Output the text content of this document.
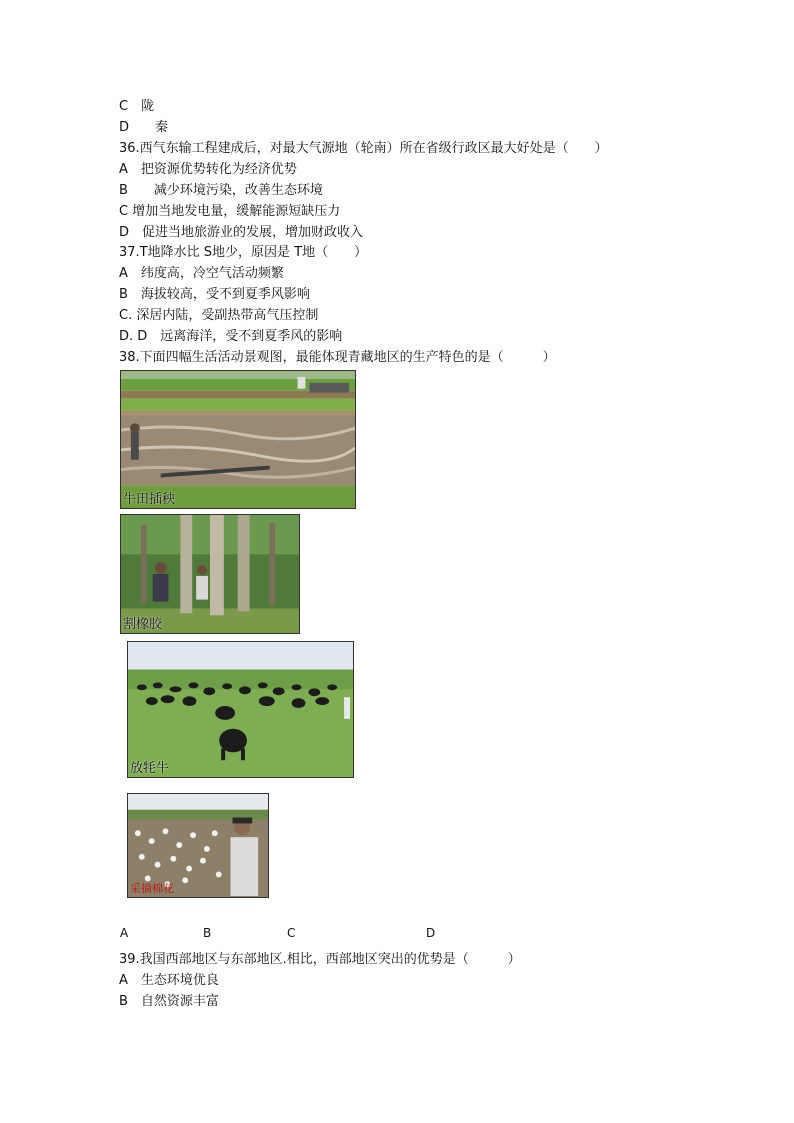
C　陇
D　　秦
36.西气东输工程建成后，对最大气源地（轮南）所在省级行政区最大好处是（　　）
A　把资源优势转化为经济优势
B　　减少环境污染，改善生态环境
C 增加当地发电量，缓解能源短缺压力
D　促进当地旅游业的发展，增加财政收入
37.T地降水比 S地少，原因是 T地（　　）
A　纬度高，冷空气活动频繁
B　海拔较高，受不到夏季风影响
C. 深居内陆，受副热带高气压控制
D. D　远离海洋，受不到夏季风的影响
38.下面四幅生活活动景观图，最能体现青藏地区的生产特色的是（　　　）
牛田插秧
割橡胶
放牦牛
采摘棉花
A	B	C	D
39.我国西部地区与东部地区.相比，西部地区突出的优势是（　　　）
A　生态环境优良
B　自然资源丰富
